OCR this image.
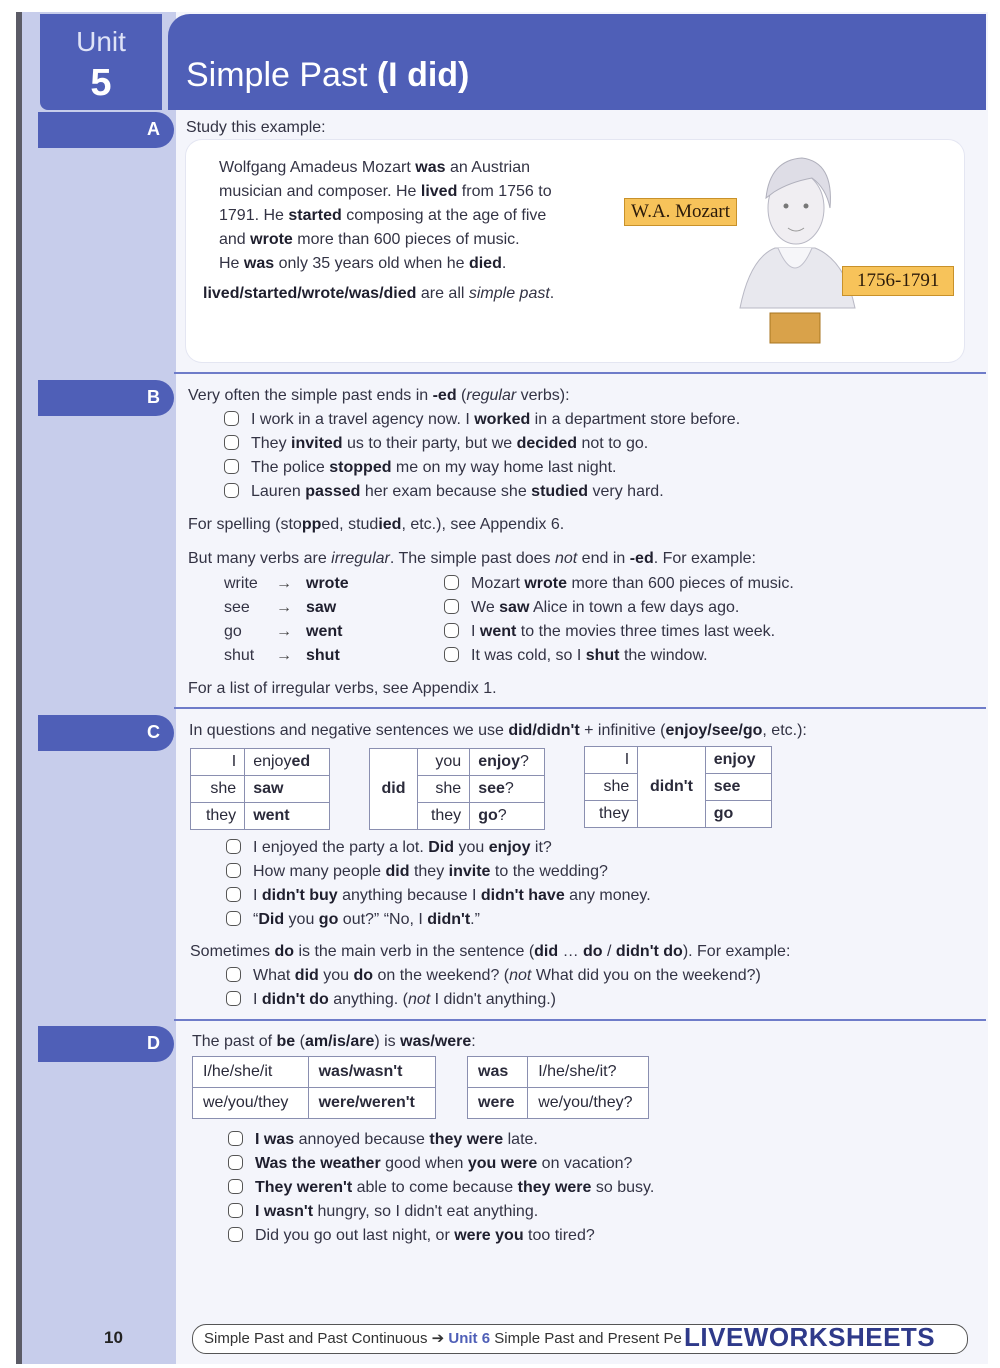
Unit
5	Simple Past (I did)
A Study this example:
Wolfgang Amadeus Mozart was an Austrian
musician and composer. He lived from 1756 to
1791. He started composing at the age of five
and wrote more than 600 pieces of music.
He was only 35 years old when he died.
lived/started/wrote/was/died are all simple past.
W.A. Mozart
1756-1791
B Very often the simple past ends in -ed (regular verbs):
I work in a travel agency now. I worked in a department store before.
They invited us to their party, but we decided not to go.
The police stopped me on my way home last night.
Lauren passed her exam because she studied very hard.
For spelling (stopped, studied, etc.), see Appendix 6.
But many verbs are irregular. The simple past does not end in -ed. For example:
write → wrote
see → saw
go → went
shut → shut
Mozart wrote more than 600 pieces of music.
We saw Alice in town a few days ago.
I went to the movies three times last week.
It was cold, so I shut the window.
For a list of irregular verbs, see Appendix 1.
C In questions and negative sentences we use did/didn't + infinitive (enjoy/see/go, etc.):
I	enjoyed
she	saw
they	went
did	you	enjoy?
	she	see?
	they	go?
I	didn't	enjoy
she		see
they		go
I enjoyed the party a lot. Did you enjoy it?
How many people did they invite to the wedding?
I didn't buy anything because I didn't have any money.
“Did you go out?” “No, I didn't.”
Sometimes do is the main verb in the sentence (did … do / didn't do). For example:
What did you do on the weekend? (not What did you on the weekend?)
I didn't do anything. (not I didn't anything.)
D The past of be (am/is/are) is was/were:
I/he/she/it	was/wasn't
we/you/they	were/weren't
was	I/he/she/it?
were	we/you/they?
I was annoyed because they were late.
Was the weather good when you were on vacation?
They weren't able to come because they were so busy.
I wasn't hungry, so I didn't eat anything.
Did you go out last night, or were you too tired?
10	Simple Past and Past Continuous ➔ Unit 6 Simple Past and Present Pe LIVEWORKSHEETS
